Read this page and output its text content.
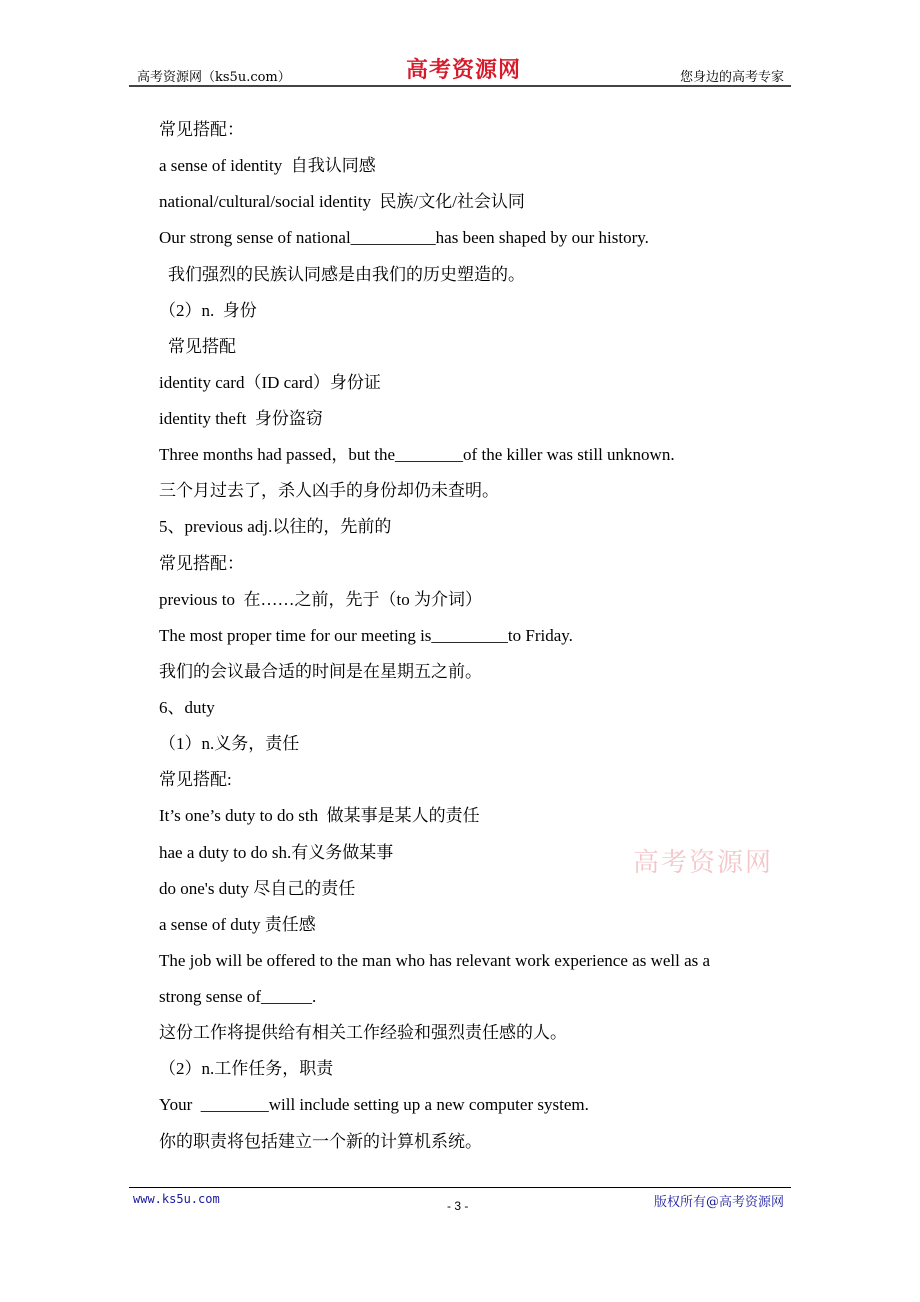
高考资源网（ks5u.com）	高考资源网	您身边的高考专家
常见搭配：
a sense of identity  自我认同感
national/cultural/social identity  民族/文化/社会认同
Our strong sense of national__________has been shaped by our history.
我们强烈的民族认同感是由我们的历史塑造的。
（2）n.  身份
常见搭配
identity card（ID card）身份证
identity theft  身份盗窃
Three months had passed，but the________of the killer was still unknown.
三个月过去了，杀人凶手的身份却仍未查明。
5、previous adj.以往的，先前的
常见搭配：
previous to  在……之前，先于（to 为介词）
The most proper time for our meeting is_________to Friday.
我们的会议最合适的时间是在星期五之前。
6、duty
（1）n.义务，责任
常见搭配:
It’s one’s duty to do sth  做某事是某人的责任
hae a duty to do sh.有义务做某事
do one's duty 尽自己的责任
a sense of duty 责任感
The job will be offered to the man who has relevant work experience as well as a
strong sense of______.
这份工作将提供给有相关工作经验和强烈责任感的人。
（2）n.工作任务，职责
Your  ________will include setting up a new computer system.
你的职责将包括建立一个新的计算机系统。
高考资源网
www.ks5u.com	- 3 -	版权所有@高考资源网
